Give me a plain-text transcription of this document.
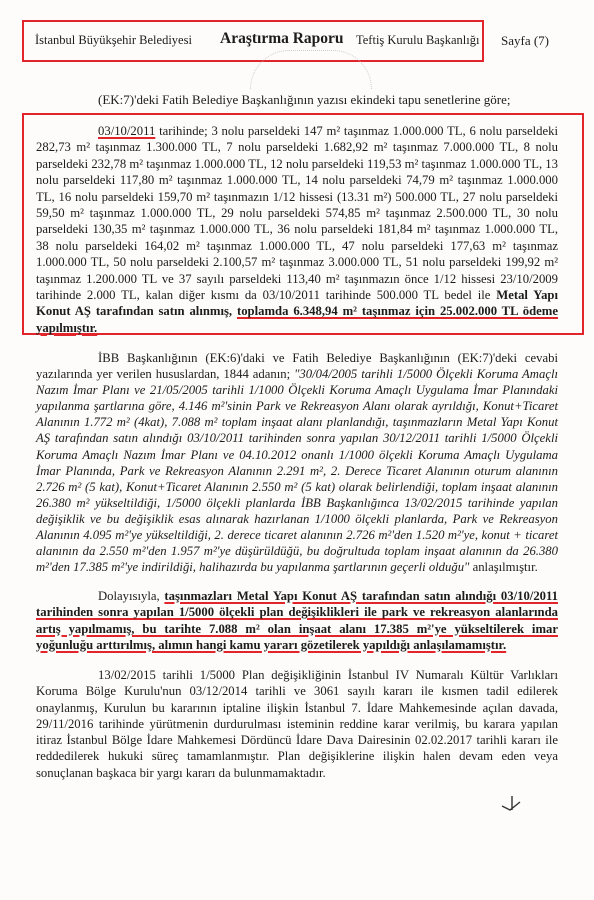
İstanbul Büyükşehir Belediyesi Araştırma Raporu Teftiş Kurulu Başkanlığı Sayfa (7)
(EK:7)'deki Fatih Belediye Başkanlığının yazısı ekindeki tapu senetlerine göre;
03/10/2011 tarihinde; 3 nolu parseldeki 147 m² taşınmaz 1.000.000 TL, 6 nolu parseldeki 282,73 m² taşınmaz 1.300.000 TL, 7 nolu parseldeki 1.682,92 m² taşınmaz 7.000.000 TL, 8 nolu parseldeki 232,78 m² taşınmaz 1.000.000 TL, 12 nolu parseldeki 119,53 m² taşınmaz 1.000.000 TL, 13 nolu parseldeki 117,80 m² taşınmaz 1.000.000 TL, 14 nolu parseldeki 74,79 m² taşınmaz 1.000.000 TL, 16 nolu parseldeki 159,70 m² taşınmazın 1/12 hissesi (13.31 m²) 500.000 TL, 27 nolu parseldeki 59,50 m² taşınmaz 1.000.000 TL, 29 nolu parseldeki 574,85 m² taşınmaz 2.500.000 TL, 30 nolu parseldeki 130,35 m² taşınmaz 1.000.000 TL, 36 nolu parseldeki 181,84 m² taşınmaz 1.000.000 TL, 38 nolu parseldeki 164,02 m² taşınmaz 1.000.000 TL, 47 nolu parseldeki 177,63 m² taşınmaz 1.000.000 TL, 50 nolu parseldeki 2.100,57 m² taşınmaz 3.000.000 TL, 51 nolu parseldeki 199,92 m² taşınmaz 1.200.000 TL ve 37 sayılı parseldeki 113,40 m² taşınmazın önce 1/12 hissesi 23/10/2009 tarihinde 2.000 TL, kalan diğer kısmı da 03/10/2011 tarihinde 500.000 TL bedel ile Metal Yapı Konut AŞ tarafından satın alınmış, toplamda 6.348,94 m² taşınmaz için 25.002.000 TL ödeme yapılmıştır.
İBB Başkanlığının (EK:6)'daki ve Fatih Belediye Başkanlığının (EK:7)'deki cevabi yazılarında yer verilen hususlardan, 1844 adanın; "30/04/2005 tarihli 1/5000 Ölçekli Koruma Amaçlı Nazım İmar Planı ve 21/05/2005 tarihli 1/1000 Ölçekli Koruma Amaçlı Uygulama İmar Planındaki yapılanma şartlarına göre, 4.146 m²'sinin Park ve Rekreasyon Alanı olarak ayrıldığı, Konut+Ticaret Alanının 1.772 m² (4kat), 7.088 m² toplam inşaat alanı planlandığı, taşınmazların Metal Yapı Konut AŞ tarafından satın alındığı 03/10/2011 tarihinden sonra yapılan 30/12/2011 tarihli 1/5000 Ölçekli Koruma Amaçlı Nazım İmar Planı ve 04.10.2012 onanlı 1/1000 ölçekli Koruma Amaçlı Uygulama İmar Planında, Park ve Rekreasyon Alanının 2.291 m², 2. Derece Ticaret Alanının oturum alanının 2.726 m² (5 kat), Konut+Ticaret Alanının 2.550 m² (5 kat) olarak belirlendiği, toplam inşaat alanının 26.380 m² yükseltildiği, 1/5000 ölçekli planlarda İBB Başkanlığınca 13/02/2015 tarihinde yapılan değişiklik ve bu değişiklik esas alınarak hazırlanan 1/1000 ölçekli planlarda, Park ve Rekreasyon Alanının 4.095 m²'ye yükseltildiği, 2. derece ticaret alanının 2.726 m²'den 1.520 m²'ye, konut + ticaret alanının da 2.550 m²'den 1.957 m²'ye düşürüldüğü, bu doğrultuda toplam inşaat alanının da 26.380 m²'den 17.385 m²'ye indirildiği, halihazırda bu yapılanma şartlarının geçerli olduğu" anlaşılmıştır.
Dolayısıyla, taşınmazları Metal Yapı Konut AŞ tarafından satın alındığı 03/10/2011 tarihinden sonra yapılan 1/5000 ölçekli plan değişiklikleri ile park ve rekreasyon alanlarında artış yapılmamış, bu tarihte 7.088 m² olan inşaat alanı 17.385 m²'ye yükseltilerek imar yoğunluğu arttırılmış, alımın hangi kamu yararı gözetilerek yapıldığı anlaşılamamıştır.
13/02/2015 tarihli 1/5000 Plan değişikliğinin İstanbul IV Numaralı Kültür Varlıkları Koruma Bölge Kurulu'nun 03/12/2014 tarihli ve 3061 sayılı kararı ile kısmen tadil edilerek onaylanmış, Kurulun bu kararının iptaline ilişkin İstanbul 7. İdare Mahkemesinde açılan davada, 29/11/2016 tarihinde yürütmenin durdurulması isteminin reddine karar verilmiş, bu karara yapılan itiraz İstanbul Bölge İdare Mahkemesi Dördüncü İdare Dava Dairesinin 02.02.2017 tarihli kararı ile reddedilerek hukuki süreç tamamlanmıştır. Plan değişiklerine ilişkin halen devam eden veya sonuçlanan başkaca bir yargı kararı da bulunmamaktadır.
